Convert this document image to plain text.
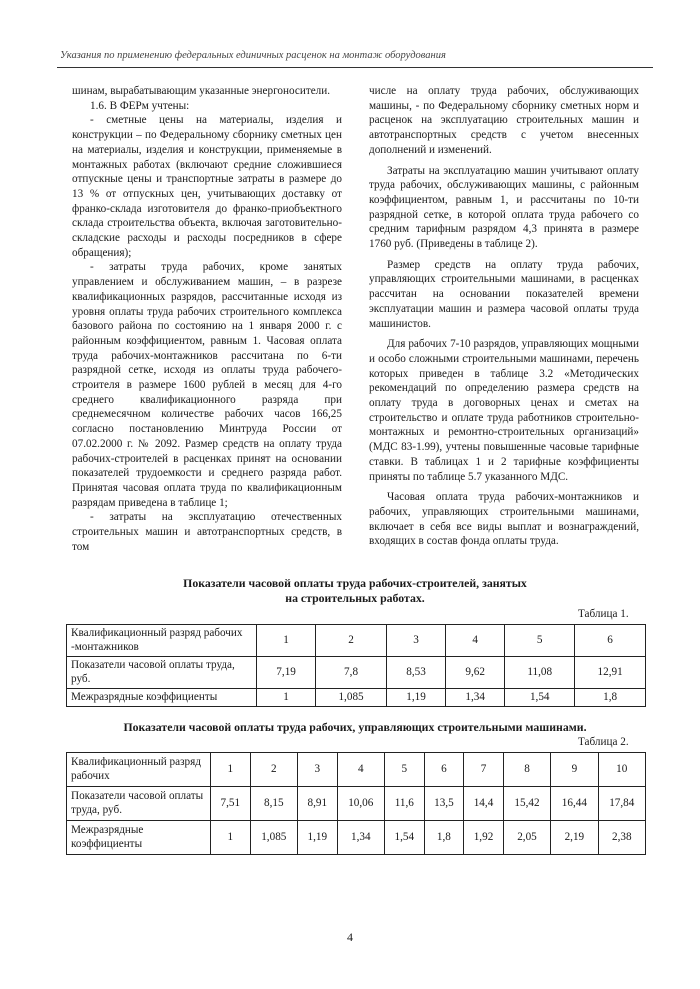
Указания по применению федеральных единичных расценок на монтаж оборудования

шинам, вырабатывающим указанные энергоносители.

1.6. В ФЕРм учтены:

- сметные цены на материалы, изделия и конструкции – по Федеральному сборнику сметных цен на материалы, изделия и конструкции, применяемые в монтажных работах (включают средние сложившиеся отпускные цены и транспортные затраты в размере до 13 % от отпускных цен, учитывающих доставку от франко-склада изготовителя до франко-приобъектного склада строительства объекта, включая заготовительно-складские расходы и расходы посредников в сфере обращения);

- затраты труда рабочих, кроме занятых управлением и обслуживанием машин, – в разрезе квалификационных разрядов, рассчитанные исходя из уровня оплаты труда рабочих строительного комплекса базового района по состоянию на 1 января 2000 г. с районным коэффициентом, равным 1. Часовая оплата труда рабочих-монтажников рассчитана по 6-ти разрядной сетке, исходя из оплаты труда рабочего-строителя в размере 1600 рублей в месяц для 4-го среднего квалификационного разряда при среднемесячном количестве рабочих часов 166,25 согласно постановлению Минтруда России от 07.02.2000 г. № 2092. Размер средств на оплату труда рабочих-строителей в расценках принят на основании показателей трудоемкости и среднего разряда работ. Принятая часовая оплата труда по квалификационным разрядам приведена в таблице 1;

- затраты на эксплуатацию отечественных строительных машин и автотранспортных средств, в том

числе на оплату труда рабочих, обслуживающих машины, - по Федеральному сборнику сметных норм и расценок на эксплуатацию строительных машин и автотранспортных средств с учетом внесенных дополнений и изменений.

Затраты на эксплуатацию машин учитывают оплату труда рабочих, обслуживающих машины, с районным коэффициентом, равным 1, и рассчитаны по 10-ти разрядной сетке, в которой оплата труда рабочего со средним тарифным разрядом 4,3 принята в размере 1760 руб. (Приведены в таблице 2).

Размер средств на оплату труда рабочих, управляющих строительными машинами, в расценках рассчитан на основании показателей времени эксплуатации машин и размера часовой оплаты труда машинистов.

Для рабочих 7-10 разрядов, управляющих мощными и особо сложными строительными машинами, перечень которых приведен в таблице 3.2 «Методических рекомендаций по определению размера средств на оплату труда в договорных ценах и сметах на строительство и оплате труда работников строительно-монтажных и ремонтно-строительных организаций» (МДС 83-1.99), учтены повышенные часовые тарифные ставки. В таблицах 1 и 2 тарифные коэффициенты приняты по таблице 5.7 указанного МДС.

Часовая оплата труда рабочих-монтажников и рабочих, управляющих строительными машинами, включает в себя все виды выплат и вознаграждений, входящих в состав фонда оплаты труда.

Показатели часовой оплаты труда рабочих-строителей, занятых
на строительных работах.
Таблица 1.
Квалификационный разряд рабочих -монтажников	1	2	3	4	5	6
Показатели часовой оплаты труда, руб.	7,19	7,8	8,53	9,62	11,08	12,91
Межразрядные коэффициенты	1	1,085	1,19	1,34	1,54	1,8
Показатели часовой оплаты труда рабочих, управляющих строительными машинами.
Таблица 2.
Квалификационный разряд рабочих	1	2	3	4	5	6	7	8	9	10
Показатели часовой оплаты труда, руб.	7,51	8,15	8,91	10,06	11,6	13,5	14,4	15,42	16,44	17,84
Межразрядные коэффициенты	1	1,085	1,19	1,34	1,54	1,8	1,92	2,05	2,19	2,38
4
